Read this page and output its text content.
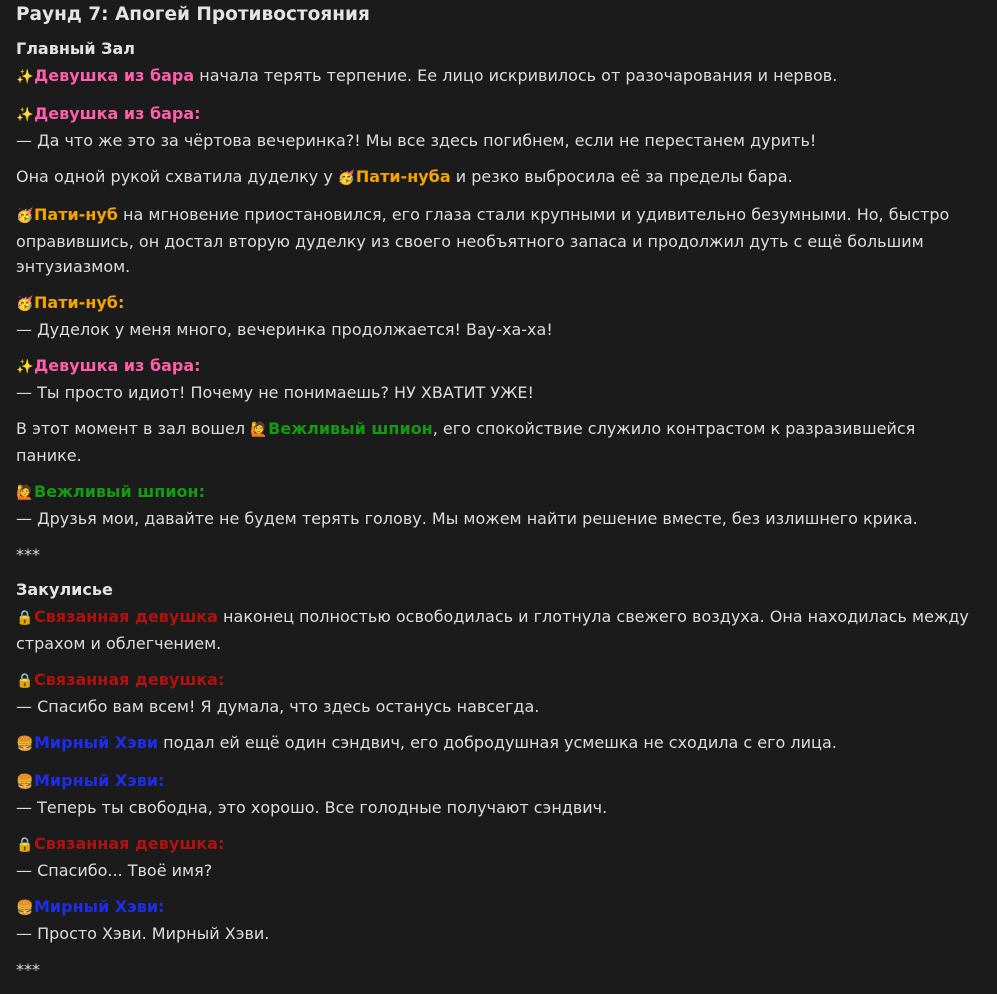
Раунд 7: Апогей Противостояния
Главный Зал

✨Девушка из бара начала терять терпение. Ее лицо искривилось от разочарования и нервов.

✨Девушка из бара:
— Да что же это за чёртова вечеринка?! Мы все здесь погибнем, если не перестанем дурить!

Она одной рукой схватила дуделку у 🥳Пати-нуба и резко выбросила её за пределы бара.

🥳Пати-нуб на мгновение приостановился, его глаза стали крупными и удивительно безумными. Но, быстро оправившись, он достал вторую дуделку из своего необъятного запаса и продолжил дуть с ещё большим энтузиазмом.

🥳Пати-нуб:
— Дуделок у меня много, вечеринка продолжается! Вау-ха-ха!

✨Девушка из бара:
— Ты просто идиот! Почему не понимаешь? НУ ХВАТИТ УЖЕ!

В этот момент в зал вошел 🙋Вежливый шпион, его спокойствие служило контрастом к разразившейся панике.

🙋Вежливый шпион:
— Друзья мои, давайте не будем терять голову. Мы можем найти решение вместе, без излишнего крика.

***

Закулисье

🔒Связанная девушка наконец полностью освободилась и глотнула свежего воздуха. Она находилась между страхом и облегчением.

🔒Связанная девушка:
— Спасибо вам всем! Я думала, что здесь останусь навсегда.

🍔Мирный Хэви подал ей ещё один сэндвич, его добродушная усмешка не сходила с его лица.

🍔Мирный Хэви:
— Теперь ты свободна, это хорошо. Все голодные получают сэндвич.

🔒Связанная девушка:
— Спасибо... Твоё имя?

🍔Мирный Хэви:
— Просто Хэви. Мирный Хэви.

***
